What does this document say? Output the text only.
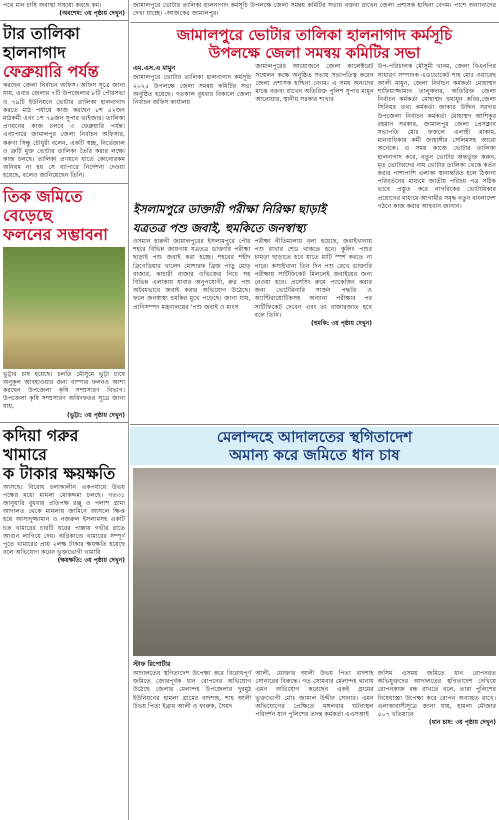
পথে মান চাষি অবাস্থা সাহায্য করছে কম।

(অবশেষ: ৩য় পৃষ্ঠায় দেখুন)
টার তালিকা হালনাগাদ
ফেব্রুয়ারি পর্যন্ত

করছেন জেলা নির্বাচন অফিস। অফিস সূত্রে জানা যায়, এবার জেলার ৭টি উপজেলার ৮টি পৌরসভা ও ৭৯টি ইউনিয়নে ভোটার তালিকা হালনাগাদ করতে মাঠ পর্যায়ে কাজ করছেন ৮শ ৫২জন মাঠকর্মী এবং ১শ ৭৯জন সুপার ভাইজার। তালিকা প্রণয়নের কাজ চলবে ৩ ফেব্রুয়ারি পর্যন্ত। এব্যাপারে জামালপুর জেলা নির্বাচন অফিসার, করুণা সিন্ধু চৌধুরী বলেন, একটি স্বচ্ছ, নির্ভেজাল ও ত্রুটি মুক্ত ভোটার তালিকা তৈরি করার লক্ষ্যে কাজ চলছে। তালিকা প্রণয়নে যাতে কোনোরকম অনিয়ম না হয় সে ব্যাপারে নির্দেশনা দেওয়া হয়েছে, বলেও জানিয়েছেন তিনি।

তিক জমিতে বেড়েছে
ফলনের সম্ভাবনা

ভুট্টার চাষ হয়েছে। চলতি মৌসুমে ভুট্টা চাষে অনুকূল আবহাওয়ার জন্য বাম্পার ফলনও আশা করছেন উপজেলা কৃষি সম্প্রসারণ বিভাগ। উপজেলা কৃষি সম্প্রসারণ অধিদফতর সূত্রে জানা যায়,

(ভুট্টা: ৩য় পৃষ্ঠায় দেখুন)
কদিয়া গরুর খামারে
ক টাকার ক্ষয়ক্ষতি

আসছে। বিরোধ চলাকালীন একপর্যায়ে উভয় পক্ষের মধ্যে মামলা মোকদ্দমা চলছে। গত৩১ জানুয়ারি বুধবার প্রতিপক্ষ রঞ্জু ও পলাশ গ্রামা আদালত থেকে মামলায় জামিনে আসলে ক্ষিপ্ত হয়ে আসাদুজ্জামান ও নজরুল ইসলামসহ একটি চক্র খামারের চারটি ঘরের পাল্লায় গভীর রাতে আগুন লাগিয়ে দেয়। অগ্নিকাণ্ডে খামারের সম্পূর্ণ পুড়ে খামারের প্রায় ২লক্ষ টাকার ক্ষয়ক্ষতি হয়েছে বলে অভিযোগ করেন ভুক্তভোগী খামারি

(ক্ষয়ক্ষতি: ৩য় পৃষ্ঠায় দেখুন)

জামালপুরে ভোটার তালিকা হালনাগাদ কর্মসূচি উপলক্ষে জেলা সমন্বয় কমিটির সভায় বক্তব্য রাখেন জেলা প্রশাসক হাছিনা বেগম। পাশে অন্যান্যদের দেখা যাচ্ছে। -আজকের জামালপুর।

জামালপুরে ভোটার তালিকা হালনাগাদ কর্মসূচি
উপলক্ষে জেলা সমন্বয় কমিটির সভা
এম.এস.এ মামুন

জামালপুরে ভোটার তালিকা হালনাগাদ কর্মসূচি ২০২৫ উপলক্ষে জেলা সমন্বয় কমিটির সভা অনুষ্ঠিত হয়েছে। গতকাল বুধবার বিকালে জেলা নির্বাচন অফিস কার্যালয়

জামালপুরের আয়োজনে জেলা কালেক্টরেট সম্মেলন কক্ষে অনুষ্ঠিত সভায় সভাপতিত্ব করেন জেলা প্রশাসক হাছিনা বেগম। এ সময় অন্যদের মাঝে বক্তব্য রাখেন অতিরিক্ত পুলিশ সুপার মামুন আনোয়ার, স্থানীয় সরকার শাখার

উপ-পরিচালক মৌসুমী খানম, জেলা বিএনপির সাধারণ সম্পাদক এডভোকেট শাহ মোঃ ওয়ারেছ আলী মামুন, জেলা নির্বাচন কর্মকর্তা মোহাম্মদ শাফিয়াজ্জামান তালুকদার, অতিরিক্ত জেলা নির্বাচন কর্মকর্তা মোহাম্মদ হুমায়ুন কবির,জেলা সিনিয়র তথ্য কর্মকর্তা জাকার উদ্দিন সরদার উপজেলা নির্বাচন কর্মকর্তা মোহাম্মদ আশিকুর রহমান সরকার, জামালপুর জেলা প্রেসক্লাব সভাপতি মোঃ ফজলে এলাহী মাকাম, মানবাধিকার কর্মী জাহাঙ্গীর সেলিমসহ আরো অনেকে। এ সময় কাজে ভোটার তালিকা হালনাগাদ করে, নতুন ভোটার অন্তর্ভুক্ত করুন, মৃত ভোটারদের নাম ভোটার তালিকা থেকে কর্তন করার পাশাপাশি এলাকা স্থানান্তরিত হলে ঠিকানা পরিবর্তনের মাধ্যমে জাতীয় পরিচয় পত্র সঠিক ভাবে প্রস্তুত করে নাগরিকের ভোটাধিকার প্রয়োগের মাধ্যমে আগামীর সমৃদ্ধ নতুন বাংলাদেশ গঠনে কাজ করার আহবান জানান।

ইসলামপুরে ডাক্তারী পরীক্ষা নিরিক্ষা ছাড়াই
যত্রতত্র পশু জবাই, হুমকিতে জনস্বাস্থ্য

ওসমান হারুনী জামালপুরের ইসলামপুরে পৌর শহরে বিভিন্ন জায়গায় যত্রতত্র ডাক্তারি পরীক্ষা ছাড়াই পশু জবাই করা হচ্ছে। শহরের শহীদ ব্রিগেডিয়ার খালেদ মোশারফ ব্রিজ পাড়ু মোড় বাজার, কাচারী বাজার ওভিজের নিচে সহ বিভিন্ন এলাকায় যাবার অনুপযোগী, রুগ্ন পশু অবৈধভাবে জবাই করার অভিযোগ উঠেছে। ফলে জনস্বাস্থ্য হুমকির মুখে পড়েছে। জানা যায়, প্রাণিসম্পদ মন্ত্রণালয়ের 'পশু জবাই ও মাংস

পরীক্ষা নীতিমালায় বলা হয়েছে, জবাইখানায় পশু রাখার শেড থাকতে হবে। কুলিং পশুর চামড়া ছাড়াতে হবে যাতে মাটি স্পর্শ করতে না পারে। কসাইখানা তিন দিন পশু রেখে ডাক্তারি পরীক্ষায় সার্টিফিকেট মিললেই জবাইয়ের জন্য নেওয়া হবে। প্রসেসিং রুমে প্যাকেজিং করার জন্য ভেটেরিনারি সার্জন পদ্ধতি ও অ্যাণ্টিবায়োটিকসহ অন্যান্য পরীক্ষার পর সার্টিফিকেট দেবেন এবং তা বাজারজাত হবে বলে তিনি।

(হুমকি: ৩য় পৃষ্ঠায় দেখুন)
মেলান্দহে আদালতের স্থগিতাদেশ
অমান্য করে জমিতে ধান চাষ
স্টাফ রিপোর্টার

আদালতের স্থগিতাদেশ উপেক্ষা করে বিরোধপূর্ণ জমিতে জোরপূর্বক ধান রোপনের অভিযোগ উঠেছে জেলার মেলান্দহ উপজেলার দুরমুঠ ইউনিয়নের হামলা গ্রামের বাদশাহ, শাহ আলী উভয় পিতা ইব্রাম আলী ও ফারুক, সৈয়দ

আলী, মোক্তার আলী উভয় পিতা বাদশাহ সোনারের বিরুদ্ধে। গত সোমবার মেলান্দহ থানায় এমন অভিযোগ করেছেন একই গ্রামের ভুক্তভোগী মোঃ জামাল উদ্দীন সোনার। এমন অভিযোগের প্রেক্ষিতে মঙ্গলবার ঘটনাস্থল পরিদর্শন যান পুলিশের তদন্ত কর্মকর্তা এএসআই

জসিম এসময় জমিতে ধান রোপনরত অভিযুক্তদের আদালতের স্থগিতাদেশ দেখিয়ে রোপনকাজ বন্ধ রাখতে বলে, তারা পুলিশের নিষেধাজ্ঞা উপেক্ষা করে রোপন অব্যাহত রাখে। এলাকাবাসীসূত্রে জানা যায়, হামলা মৌজার ৫০৭ খতিয়ানে

(ধান চাষ: ৩য় পৃষ্ঠায় দেখুন)
